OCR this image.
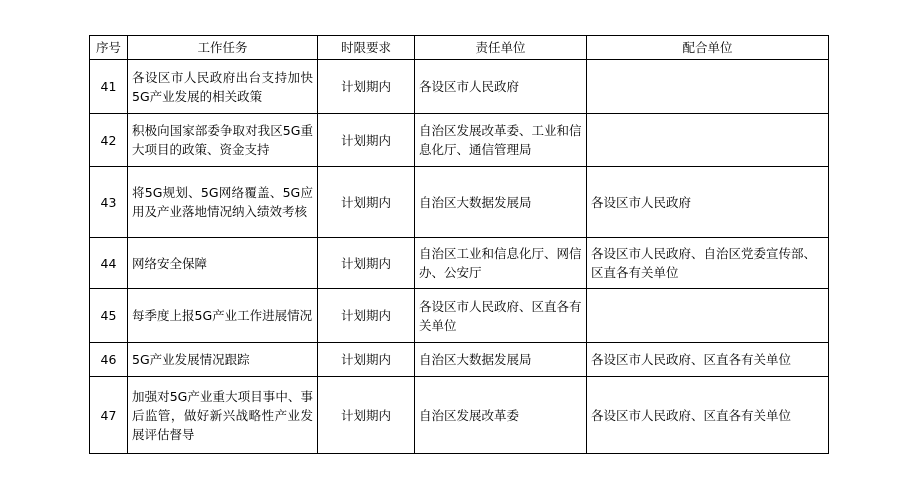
序号	工作任务	时限要求	责任单位	配合单位
41	各设区市人民政府出台支持加快5G产业发展的相关政策	计划期内	各设区市人民政府	
42	积极向国家部委争取对我区5G重大项目的政策、资金支持	计划期内	自治区发展改革委、工业和信息化厅、通信管理局	
43	将5G规划、5G网络覆盖、5G应用及产业落地情况纳入绩效考核	计划期内	自治区大数据发展局	各设区市人民政府
44	网络安全保障	计划期内	自治区工业和信息化厅、网信办、公安厅	各设区市人民政府、自治区党委宣传部、区直各有关单位
45	每季度上报5G产业工作进展情况	计划期内	各设区市人民政府、区直各有关单位	
46	5G产业发展情况跟踪	计划期内	自治区大数据发展局	各设区市人民政府、区直各有关单位
47	加强对5G产业重大项目事中、事后监管，做好新兴战略性产业发展评估督导	计划期内	自治区发展改革委	各设区市人民政府、区直各有关单位
